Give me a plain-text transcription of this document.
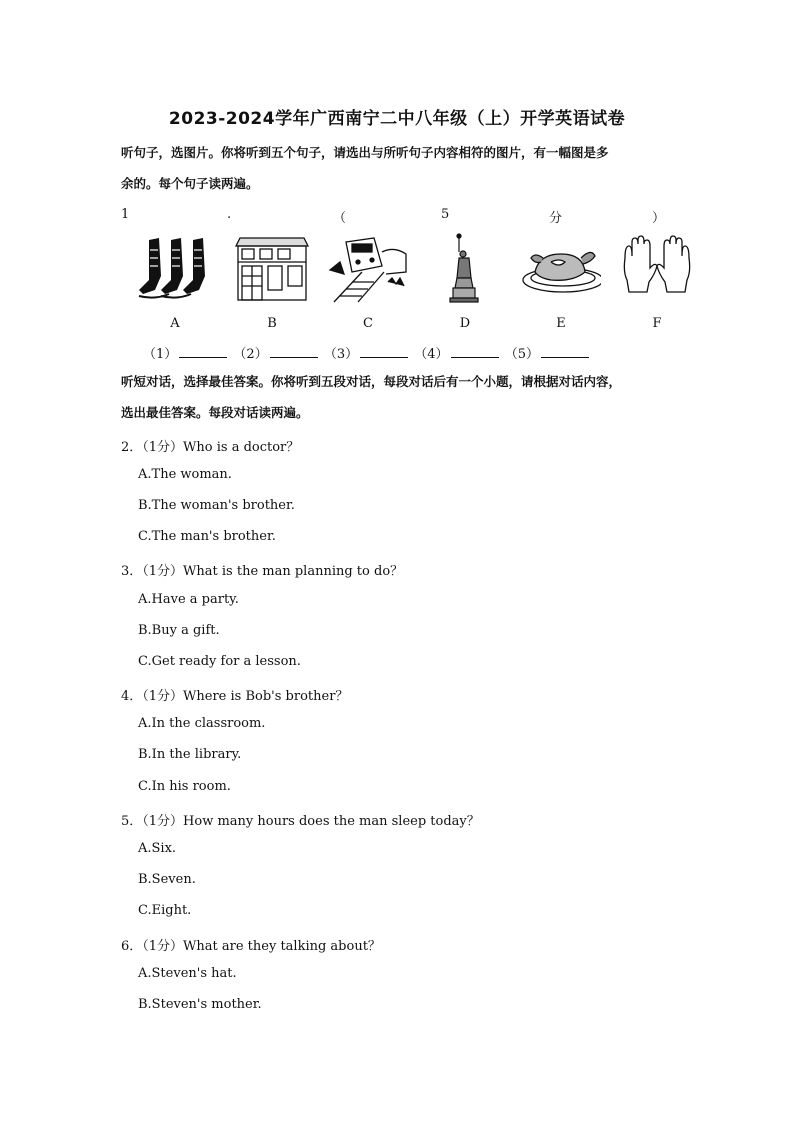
2023-2024学年广西南宁二中八年级（上）开学英语试卷
听句子，选图片。你将听到五个句子，请选出与所听句子内容相符的图片，有一幅图是多
余的。每个句子读两遍。
1	.	（	5	分	）
A	B	C	D	E	F
（1）	（2）	（3）	（4）	（5）
听短对话，选择最佳答案。你将听到五段对话，每段对话后有一个小题，请根据对话内容，
选出最佳答案。每段对话读两遍。
2．（1分）Who is a doctor？
A.The woman.
B.The woman's brother.
C.The man's brother.
3．（1分）What is the man planning to do？
A.Have a party.
B.Buy a gift.
C.Get ready for a lesson.
4．（1分）Where is Bob's brother？
A.In the classroom.
B.In the library.
C.In his room.
5．（1分）How many hours does the man sleep today？
A.Six.
B.Seven.
C.Eight.
6．（1分）What are they talking about？
A.Steven's hat.
B.Steven's mother.
